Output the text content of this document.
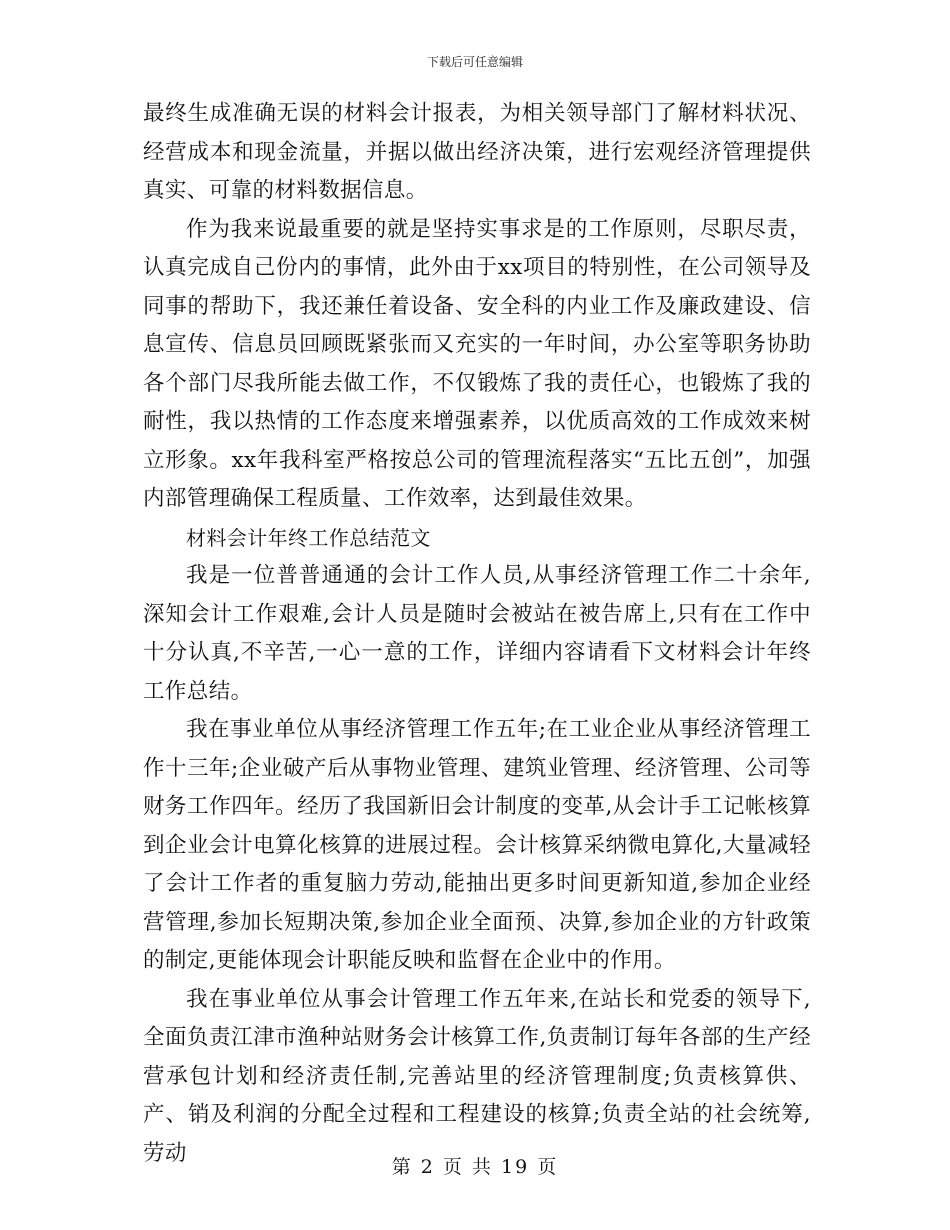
下载后可任意编辑

最终生成准确无误的材料会计报表，为相关领导部门了解材料状况、经营成本和现金流量，并据以做出经济决策，进行宏观经济管理提供真实、可靠的材料数据信息。

作为我来说最重要的就是坚持实事求是的工作原则，尽职尽责，认真完成自己份内的事情，此外由于xx项目的特别性，在公司领导及同事的帮助下，我还兼任着设备、安全科的内业工作及廉政建设、信息宣传、信息员回顾既紧张而又充实的一年时间，办公室等职务协助各个部门尽我所能去做工作，不仅锻炼了我的责任心，也锻炼了我的耐性，我以热情的工作态度来增强素养，以优质高效的工作成效来树立形象。xx年我科室严格按总公司的管理流程落实“五比五创”，加强内部管理确保工程质量、工作效率，达到最佳效果。

材料会计年终工作总结范文

我是一位普普通通的会计工作人员,从事经济管理工作二十余年,深知会计工作艰难,会计人员是随时会被站在被告席上,只有在工作中十分认真,不辛苦,一心一意的工作，详细内容请看下文材料会计年终工作总结。

我在事业单位从事经济管理工作五年;在工业企业从事经济管理工作十三年;企业破产后从事物业管理、建筑业管理、经济管理、公司等财务工作四年。经历了我国新旧会计制度的变革,从会计手工记帐核算到企业会计电算化核算的进展过程。会计核算采纳微电算化,大量减轻了会计工作者的重复脑力劳动,能抽出更多时间更新知道,参加企业经营管理,参加长短期决策,参加企业全面预、决算,参加企业的方针政策的制定,更能体现会计职能反映和监督在企业中的作用。

我在事业单位从事会计管理工作五年来,在站长和党委的领导下,全面负责江津市渔种站财务会计核算工作,负责制订每年各部的生产经营承包计划和经济责任制,完善站里的经济管理制度;负责核算供、产、销及利润的分配全过程和工程建设的核算;负责全站的社会统筹,劳动

第 2 页 共 19 页
